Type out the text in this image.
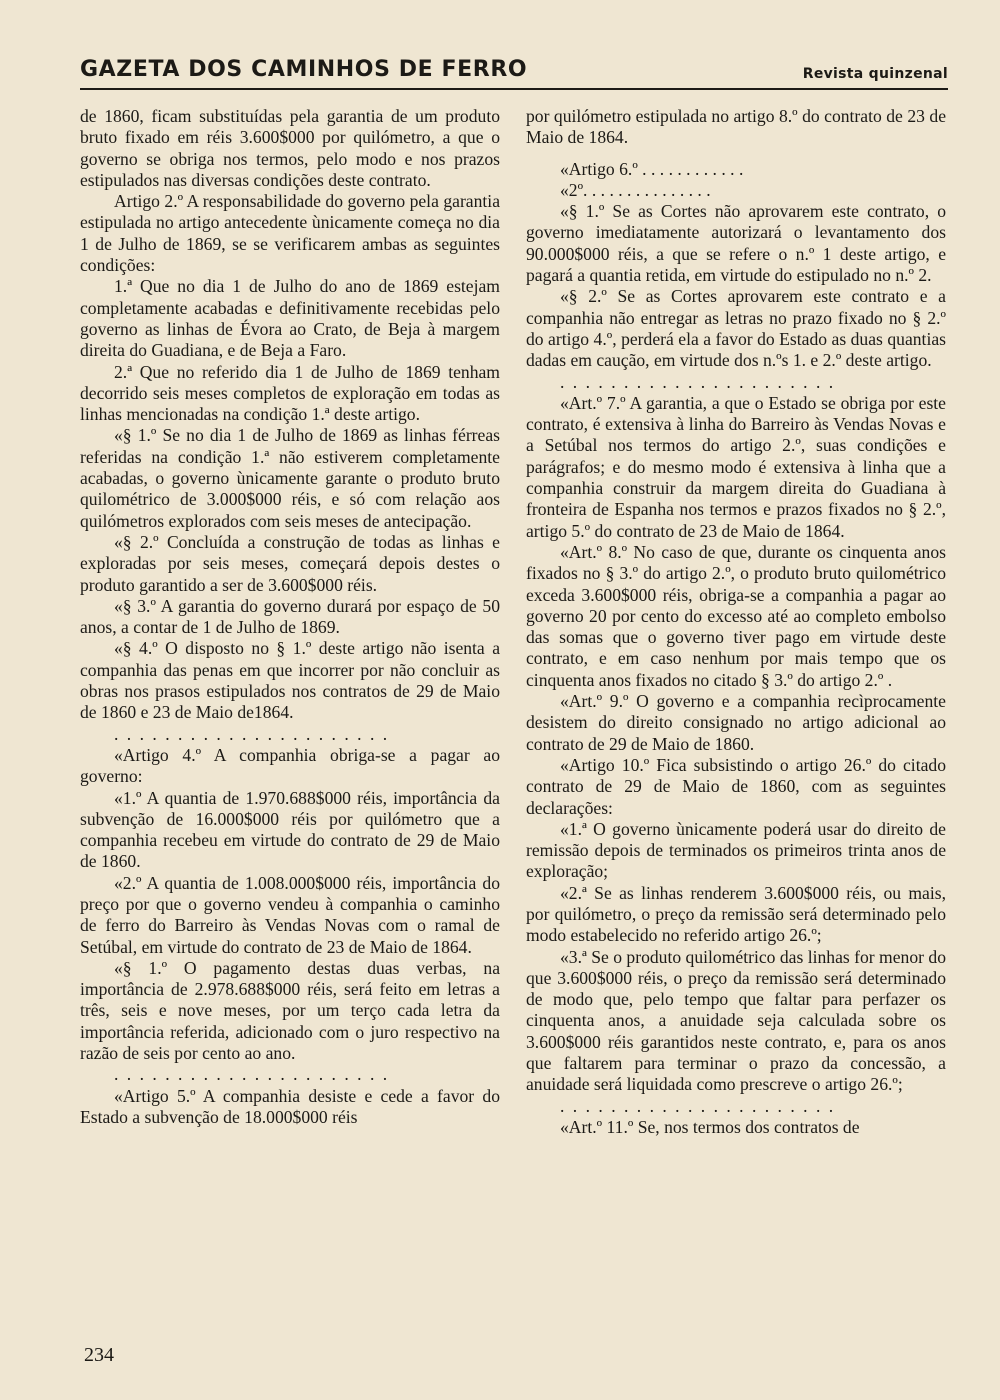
GAZETA DOS CAMINHOS DE FERRO	Revista quinzenal

de 1860, ficam substituídas pela garantia de um produto bruto fixado em réis 3.600$000 por quilómetro, a que o governo se obriga nos termos, pelo modo e nos prazos estipulados nas diversas condições deste contrato.

Artigo 2.º A responsabilidade do governo pela garantia estipulada no artigo antecedente ùnicamente começa no dia 1 de Julho de 1869, se se verificarem ambas as seguintes condições:

1.ª Que no dia 1 de Julho do ano de 1869 estejam completamente acabadas e definitivamente recebidas pelo governo as linhas de Évora ao Crato, de Beja à margem direita do Guadiana, e de Beja a Faro.

2.ª Que no referido dia 1 de Julho de 1869 tenham decorrido seis meses completos de exploração em todas as linhas mencionadas na condição 1.ª deste artigo.

«§ 1.º Se no dia 1 de Julho de 1869 as linhas férreas referidas na condição 1.ª não estiverem completamente acabadas, o governo ùnicamente garante o produto bruto quilométrico de 3.000$000 réis, e só com relação aos quilómetros explorados com seis meses de antecipação.

«§ 2.º Concluída a construção de todas as linhas e exploradas por seis meses, começará depois destes o produto garantido a ser de 3.600$000 réis.

«§ 3.º A garantia do governo durará por espaço de 50 anos, a contar de 1 de Julho de 1869.

«§ 4.º O disposto no § 1.º deste artigo não isenta a companhia das penas em que incorrer por não concluir as obras nos prasos estipulados nos contratos de 29 de Maio de 1860 e 23 de Maio de1864.

. . . . . . . . . . . . . . . . . . . . . .

«Artigo 4.º A companhia obriga-se a pagar ao governo:

«1.º A quantia de 1.970.688$000 réis, importância da subvenção de 16.000$000 réis por quilómetro que a companhia recebeu em virtude do contrato de 29 de Maio de 1860.

«2.º A quantia de 1.008.000$000 réis, importância do preço por que o governo vendeu à companhia o caminho de ferro do Barreiro às Vendas Novas com o ramal de Setúbal, em virtude do contrato de 23 de Maio de 1864.

«§ 1.º O pagamento destas duas verbas, na importância de 2.978.688$000 réis, será feito em letras a três, seis e nove meses, por um terço cada letra da importância referida, adicionado com o juro respectivo na razão de seis por cento ao ano.

. . . . . . . . . . . . . . . . . . . . . .

«Artigo 5.º A companhia desiste e cede a favor do Estado a subvenção de 18.000$000 réis

por quilómetro estipulada no artigo 8.º do contrato de 23 de Maio de 1864.

«Artigo 6.º . . . . . . . . . . . .

«2º. . . . . . . . . . . . . . .

«§ 1.º Se as Cortes não aprovarem este contrato, o governo imediatamente autorizará o levantamento dos 90.000$000 réis, a que se refere o n.º 1 deste artigo, e pagará a quantia retida, em virtude do estipulado no n.º 2.

«§ 2.º Se as Cortes aprovarem este contrato e a companhia não entregar as letras no prazo fixado no § 2.º do artigo 4.º, perderá ela a favor do Estado as duas quantias dadas em caução, em virtude dos n.ºs 1. e 2.º deste artigo.

. . . . . . . . . . . . . . . . . . . . . .

«Art.º 7.º A garantia, a que o Estado se obriga por este contrato, é extensiva à linha do Barreiro às Vendas Novas e a Setúbal nos termos do artigo 2.º, suas condições e parágrafos; e do mesmo modo é extensiva à linha que a companhia construir da margem direita do Guadiana à fronteira de Espanha nos termos e prazos fixados no § 2.º, artigo 5.º do contrato de 23 de Maio de 1864.

«Art.º 8.º No caso de que, durante os cinquenta anos fixados no § 3.º do artigo 2.º, o produto bruto quilométrico exceda 3.600$000 réis, obriga-se a companhia a pagar ao governo 20 por cento do excesso até ao completo embolso das somas que o governo tiver pago em virtude deste contrato, e em caso nenhum por mais tempo que os cinquenta anos fixados no citado § 3.º do artigo 2.º .

«Art.º 9.º O governo e a companhia recìprocamente desistem do direito consignado no artigo adicional ao contrato de 29 de Maio de 1860.

«Artigo 10.º Fica subsistindo o artigo 26.º do citado contrato de 29 de Maio de 1860, com as seguintes declarações:

«1.ª O governo ùnicamente poderá usar do direito de remissão depois de terminados os primeiros trinta anos de exploração;

«2.ª Se as linhas renderem 3.600$000 réis, ou mais, por quilómetro, o preço da remissão será determinado pelo modo estabelecido no referido artigo 26.º;

«3.ª Se o produto quilométrico das linhas for menor do que 3.600$000 réis, o preço da remissão será determinado de modo que, pelo tempo que faltar para perfazer os cinquenta anos, a anuidade seja calculada sobre os 3.600$000 réis garantidos neste contrato, e, para os anos que faltarem para terminar o prazo da concessão, a anuidade será liquidada como prescreve o artigo 26.º;

. . . . . . . . . . . . . . . . . . . . . .

«Art.º 11.º Se, nos termos dos contratos de

234
